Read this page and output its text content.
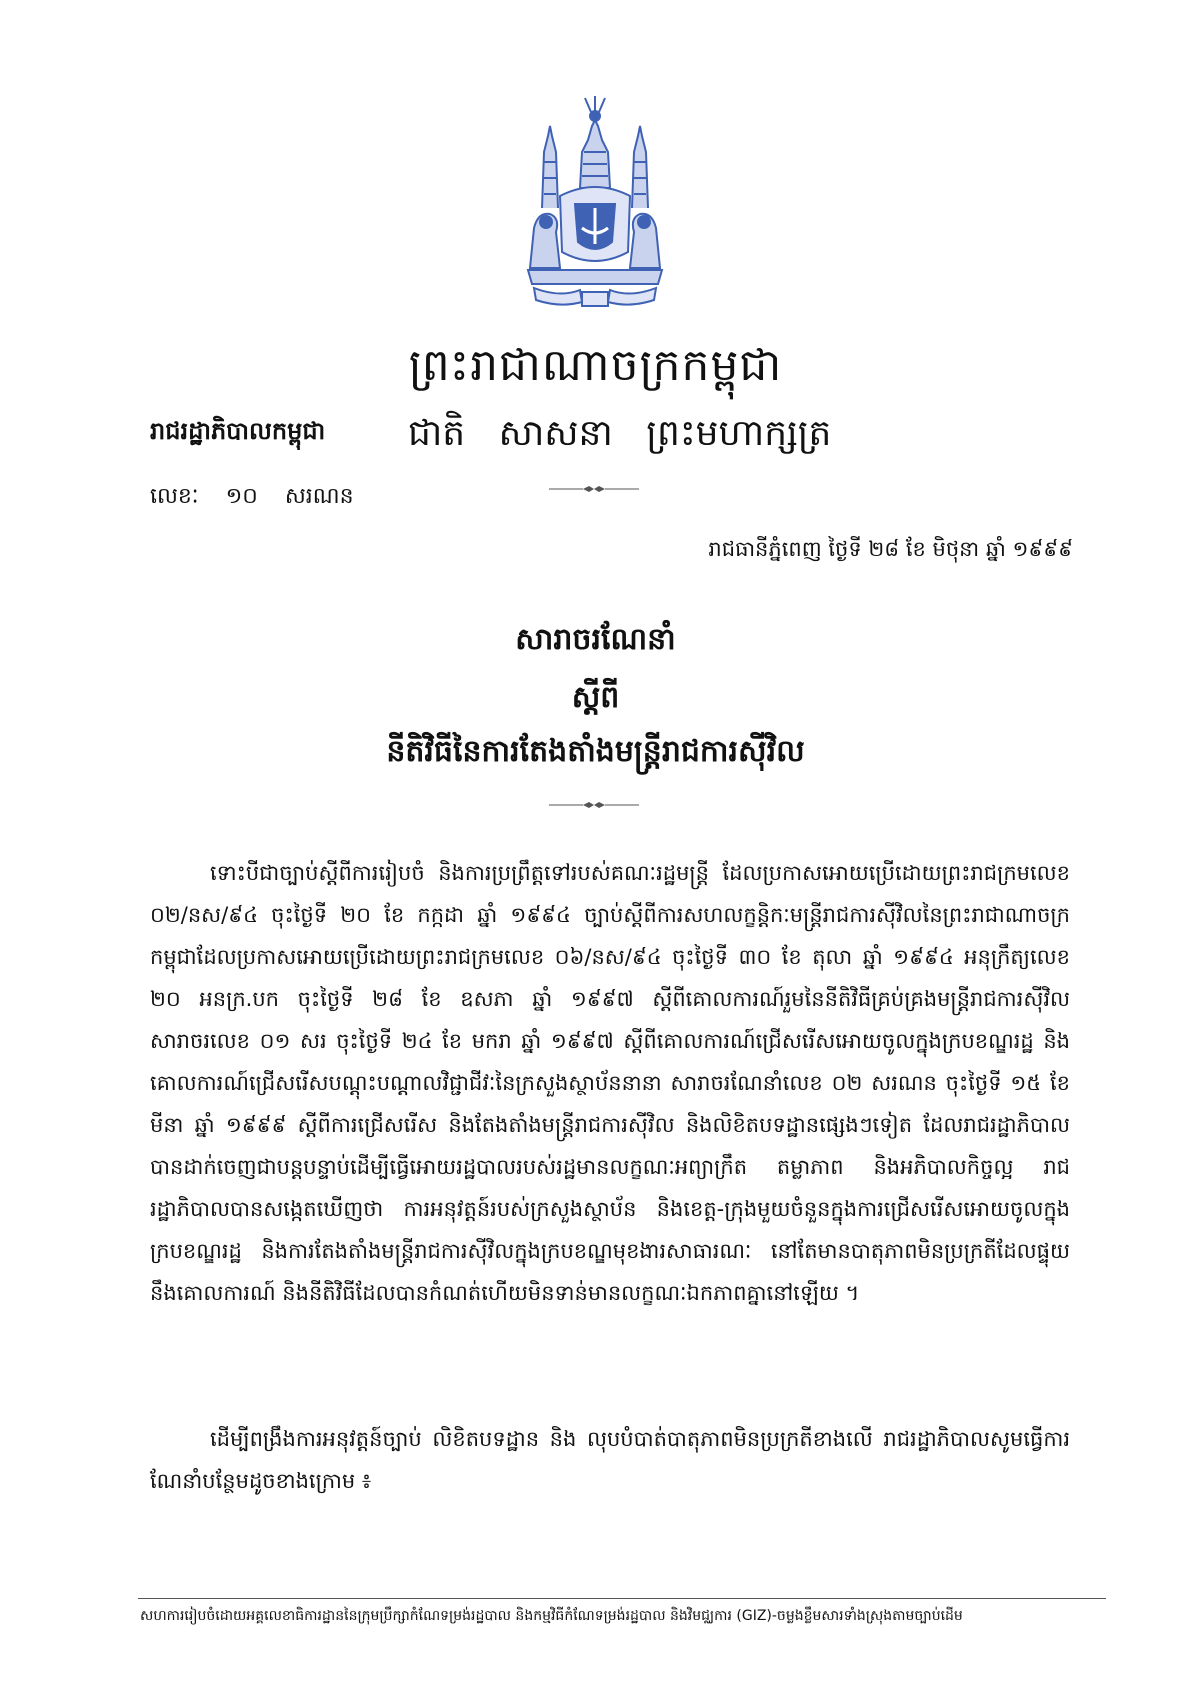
ព្រះរាជាណាចក្រកម្ពុជា
រាជរដ្ឋាភិបាលកម្ពុជា ជាតិ សាសនា ព្រះមហាក្សត្រ
លេខៈ ១០ សរណន
រាជធានីភ្នំពេញ ថ្ងៃទី ២៨ ខែ មិថុនា ឆ្នាំ ១៩៩៩
សារាចរណែនាំ
ស្តីពី
នីតិវិធីនៃការតែងតាំងមន្ត្រីរាជការស៊ីវិល
ទោះបីជាច្បាប់ស្តីពីការរៀបចំ និងការប្រព្រឹត្តទៅរបស់គណៈរដ្ឋមន្ត្រី ដែលប្រកាសអោយប្រើដោយព្រះរាជក្រមលេខ ០២/នស/៩៤ ចុះថ្ងៃទី ២០ ខែ កក្កដា ឆ្នាំ ១៩៩៤ ច្បាប់ស្តីពីការសហលក្ខន្តិកៈមន្ត្រីរាជការស៊ីវិលនៃព្រះរាជាណាចក្រកម្ពុជាដែលប្រកាសអោយប្រើដោយព្រះរាជក្រមលេខ ០៦/នស/៩៤ ចុះថ្ងៃទី ៣០ ខែ តុលា ឆ្នាំ ១៩៩៤ អនុក្រឹត្យលេខ ២០ អនក្រ.បក ចុះថ្ងៃទី ២៨ ខែ ឧសភា ឆ្នាំ ១៩៩៧ ស្តីពីគោលការណ៍រួមនៃនីតិវិធីគ្រប់គ្រងមន្ត្រីរាជការស៊ីវិល សារាចរលេខ ០១ សរ ចុះថ្ងៃទី ២៤ ខែ មករា ឆ្នាំ ១៩៩៧ ស្តីពីគោលការណ៍ជ្រើសរើសអោយចូលក្នុងក្របខណ្ឌរដ្ឋ និងគោលការណ៍ជ្រើសរើសបណ្តុះបណ្តាលវិជ្ជាជីវៈនៃក្រសួងស្ថាប័ននានា សារាចរណែនាំលេខ ០២ សរណន ចុះថ្ងៃទី ១៥ ខែ មីនា ឆ្នាំ ១៩៩៩ ស្តីពីការជ្រើសរើស និងតែងតាំងមន្ត្រីរាជការស៊ីវិល និងលិខិតបទដ្ឋានផ្សេងៗទៀត ដែលរាជរដ្ឋាភិបាលបានដាក់ចេញជាបន្តបន្ទាប់ដើម្បីធ្វើអោយរដ្ឋបាលរបស់រដ្ឋមានលក្ខណៈអព្យាក្រឹត តម្លាភាព និងអភិបាលកិច្ចល្អ រាជរដ្ឋាភិបាលបានសង្កេតឃើញថា ការអនុវត្តន៍របស់ក្រសួងស្ថាប័ន និងខេត្ត-ក្រុងមួយចំនួនក្នុងការជ្រើសរើសអោយចូលក្នុងក្របខណ្ឌរដ្ឋ និងការតែងតាំងមន្ត្រីរាជការស៊ីវិលក្នុងក្របខណ្ឌមុខងារសាធារណៈ នៅតែមានបាតុភាពមិនប្រក្រតីដែលផ្ទុយនឹងគោលការណ៍ និងនីតិវិធីដែលបានកំណត់ហើយមិនទាន់មានលក្ខណៈឯកភាពគ្នានៅឡើយ ។
ដើម្បីពង្រឹងការអនុវត្តន៍ច្បាប់ លិខិតបទដ្ឋាន និង លុបបំបាត់បាតុភាពមិនប្រក្រតីខាងលើ រាជរដ្ឋាភិបាលសូមធ្វើការណែនាំបន្ថែមដូចខាងក្រោម ៖
សហការរៀបចំដោយអគ្គលេខាធិការដ្ឋាននៃក្រុមប្រឹក្សាកំណែទម្រង់រដ្ឋបាល និងកម្មវិធីកំណែទម្រង់រដ្ឋបាល និងវិមជ្ឈការ (GIZ)-ចម្លងខ្លឹមសារទាំងស្រុងតាមច្បាប់ដើម
